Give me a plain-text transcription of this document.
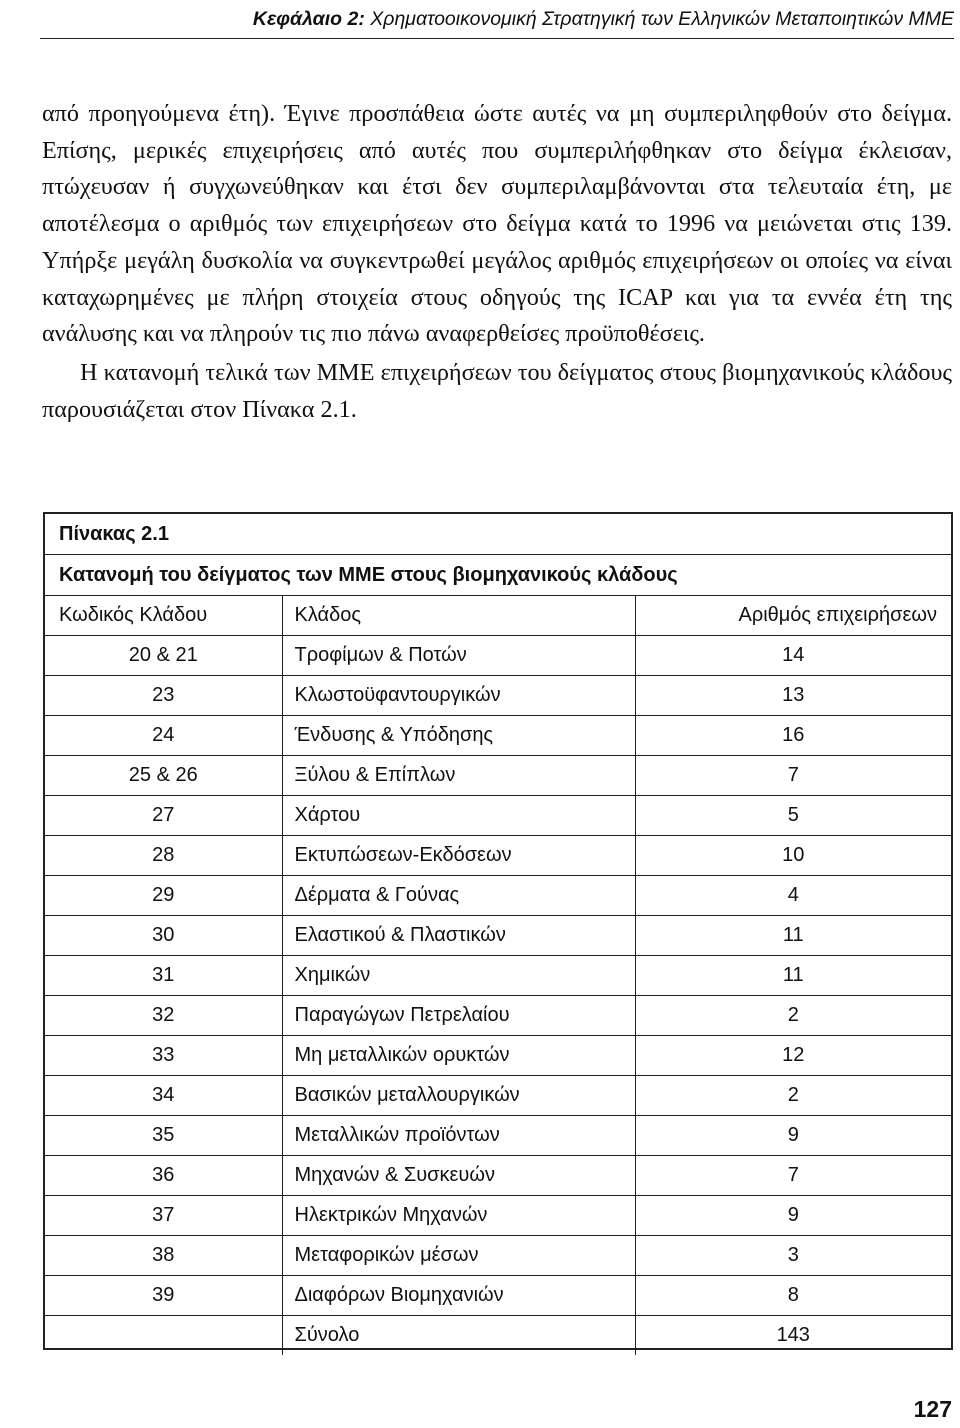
Κεφάλαιο 2: Χρηματοοικονομική Στρατηγική των Ελληνικών Μεταποιητικών ΜΜΕ

από προηγούμενα έτη). Έγινε προσπάθεια ώστε αυτές να μη συμπεριληφθούν στο δείγμα. Επίσης, μερικές επιχειρήσεις από αυτές που συμπεριλήφθηκαν στο δείγμα έκλεισαν, πτώχευσαν ή συγχωνεύθηκαν και έτσι δεν συμπεριλαμβάνονται στα τελευταία έτη, με αποτέλεσμα ο αριθμός των επιχειρήσεων στο δείγμα κατά το 1996 να μειώνεται στις 139. Υπήρξε μεγάλη δυσκολία να συγκεντρωθεί μεγάλος αριθμός επιχειρήσεων οι οποίες να είναι καταχωρημένες με πλήρη στοιχεία στους οδηγούς της ICAP και για τα εννέα έτη της ανάλυσης και να πληρούν τις πιο πάνω αναφερθείσες προϋποθέσεις.

Η κατανομή τελικά των ΜΜΕ επιχειρήσεων του δείγματος στους βιομηχανικούς κλάδους παρουσιάζεται στον Πίνακα 2.1.

Πίνακας 2.1
Κατανομή του δείγματος των ΜΜΕ στους βιομηχανικούς κλάδους
Κωδικός Κλάδου	Κλάδος	Αριθμός επιχειρήσεων
20 & 21	Τροφίμων & Ποτών	14
23	Κλωστοϋφαντουργικών	13
24	Ένδυσης & Υπόδησης	16
25 & 26	Ξύλου & Επίπλων	7
27	Χάρτου	5
28	Εκτυπώσεων-Εκδόσεων	10
29	Δέρματα & Γούνας	4
30	Ελαστικού & Πλαστικών	11
31	Χημικών	11
32	Παραγώγων Πετρελαίου	2
33	Μη μεταλλικών ορυκτών	12
34	Βασικών μεταλλουργικών	2
35	Μεταλλικών προϊόντων	9
36	Μηχανών & Συσκευών	7
37	Ηλεκτρικών Μηχανών	9
38	Μεταφορικών μέσων	3
39	Διαφόρων Βιομηχανιών	8
	Σύνολο	143
127
